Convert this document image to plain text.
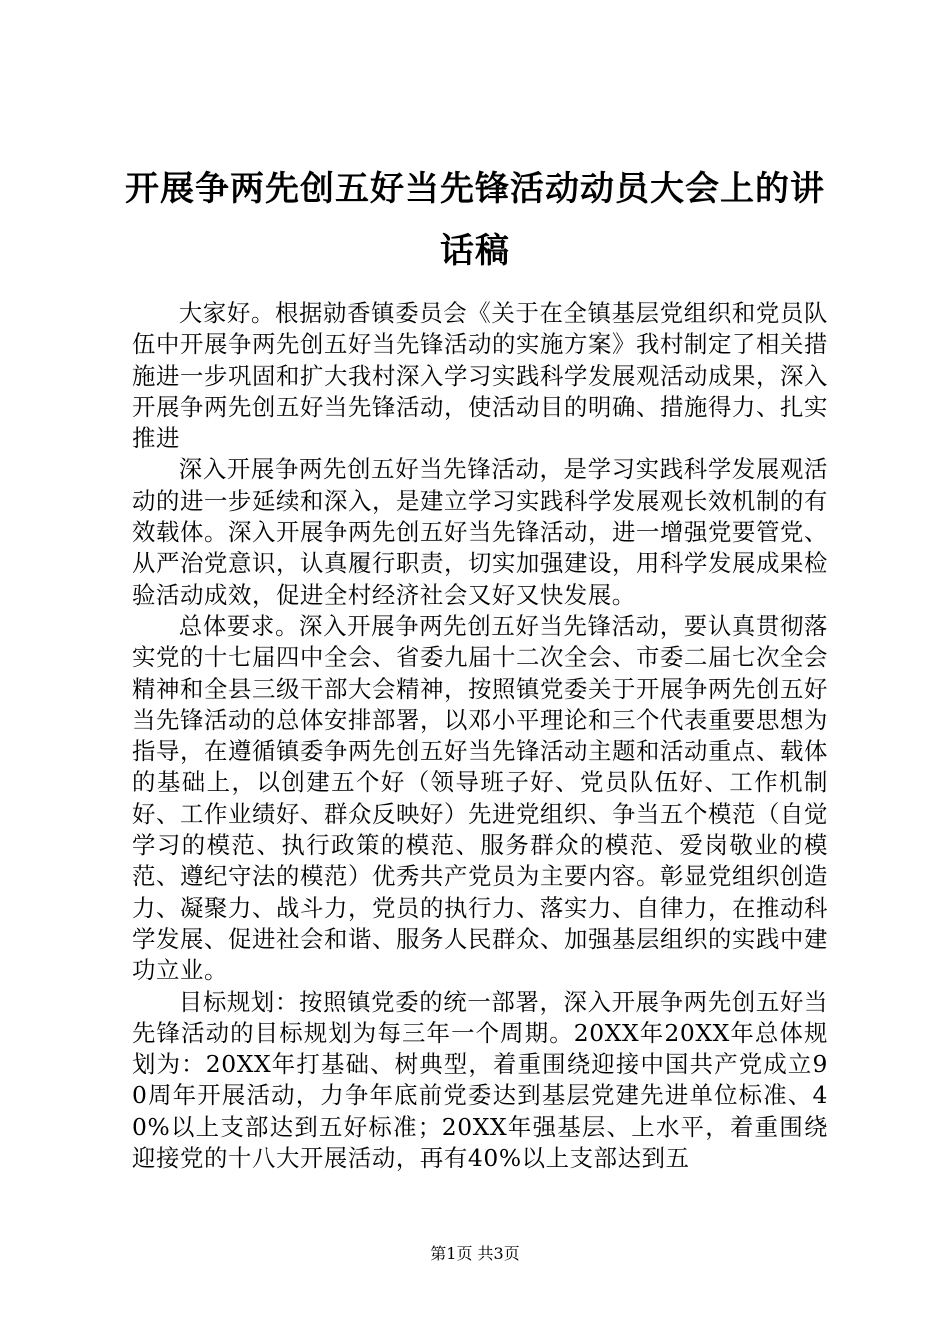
开展争两先创五好当先锋活动动员大会上的讲话稿

大家好。根据勍香镇委员会《关于在全镇基层党组织和党员队伍中开展争两先创五好当先锋活动的实施方案》我村制定了相关措施进一步巩固和扩大我村深入学习实践科学发展观活动成果，深入开展争两先创五好当先锋活动，使活动目的明确、措施得力、扎实推进

深入开展争两先创五好当先锋活动，是学习实践科学发展观活动的进一步延续和深入，是建立学习实践科学发展观长效机制的有效载体。深入开展争两先创五好当先锋活动，进一增强党要管党、从严治党意识，认真履行职责，切实加强建设，用科学发展成果检验活动成效，促进全村经济社会又好又快发展。

总体要求。深入开展争两先创五好当先锋活动，要认真贯彻落实党的十七届四中全会、省委九届十二次全会、市委二届七次全会精神和全县三级干部大会精神，按照镇党委关于开展争两先创五好当先锋活动的总体安排部署，以邓小平理论和三个代表重要思想为指导，在遵循镇委争两先创五好当先锋活动主题和活动重点、载体的基础上，以创建五个好（领导班子好、党员队伍好、工作机制好、工作业绩好、群众反映好）先进党组织、争当五个模范（自觉学习的模范、执行政策的模范、服务群众的模范、爱岗敬业的模范、遵纪守法的模范）优秀共产党员为主要内容。彰显党组织创造力、凝聚力、战斗力，党员的执行力、落实力、自律力，在推动科学发展、促进社会和谐、服务人民群众、加强基层组织的实践中建功立业。

目标规划：按照镇党委的统一部署，深入开展争两先创五好当先锋活动的目标规划为每三年一个周期。20XX年20XX年总体规划为：20XX年打基础、树典型，着重围绕迎接中国共产党成立90周年开展活动，力争年底前党委达到基层党建先进单位标准、40%以上支部达到五好标准；20XX年强基层、上水平，着重围绕迎接党的十八大开展活动，再有40%以上支部达到五

第1页 共3页
